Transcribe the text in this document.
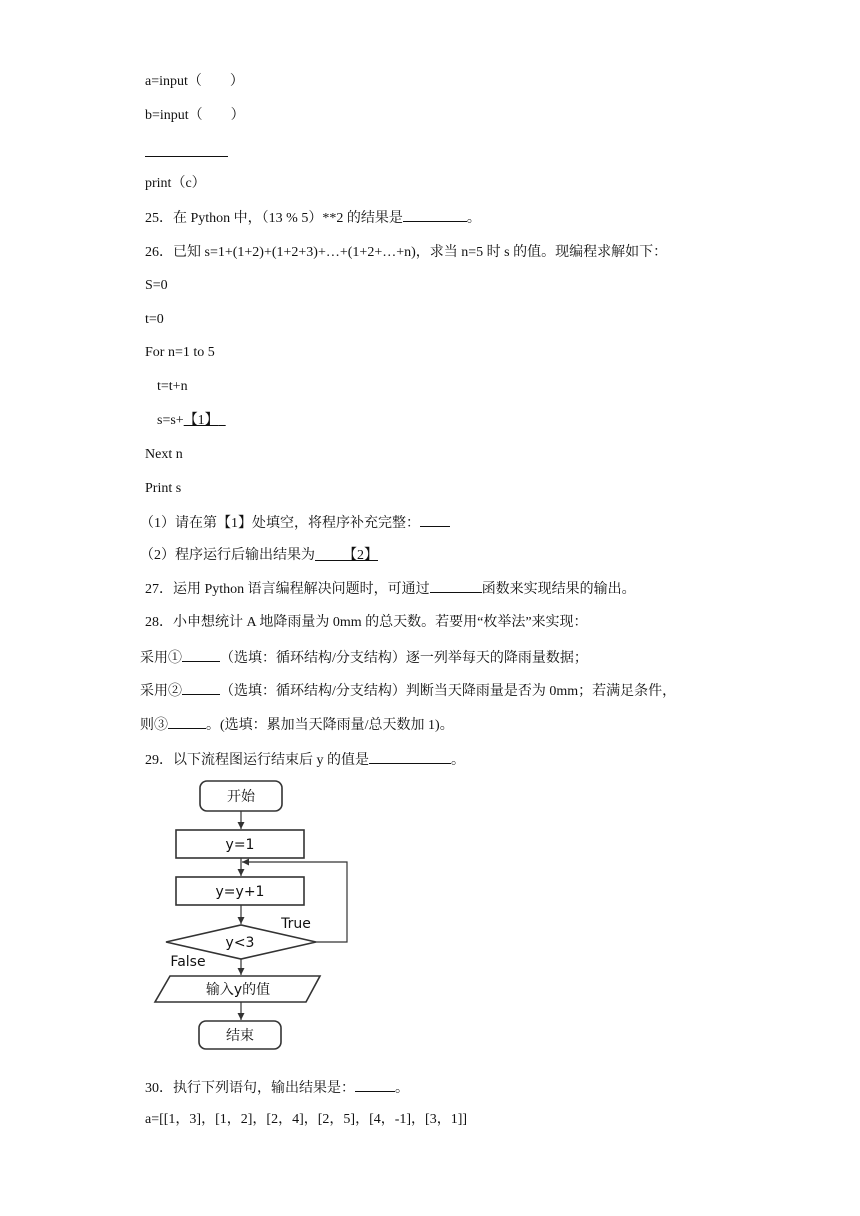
a=input（        ）
b=input（        ）
print（c）
25．在 Python 中，（13 % 5）**2 的结果是	。
26．已知 s=1+(1+2)+(1+2+3)+…+(1+2+…+n)，求当 n=5 时 s 的值。现编程求解如下：
S=0
t=0
For n=1 to 5
t=t+n
s=s+【1】
Next n
Print s
（1）请在第【1】处填空，将程序补充完整：
（2）程序运行后输出结果为 【2】
27．运用 Python 语言编程解决问题时，可通过	函数来实现结果的输出。
28．小申想统计 A 地降雨量为 0mm 的总天数。若要用“枚举法”来实现：
采用①	（选填：循环结构/分支结构）逐一列举每天的降雨量数据；
采用②	（选填：循环结构/分支结构）判断当天降雨量是否为 0mm；若满足条件，
则③	。(选填：累加当天降雨量/总天数加 1)。
29．以下流程图运行结束后 y 的值是	。
开始
y=1
y=y+1
y<3
True
False
输入y的值
结束
30．执行下列语句，输出结果是：	。
a=[[1，3]，[1，2]，[2，4]，[2，5]，[4，-1]，[3，1]]
